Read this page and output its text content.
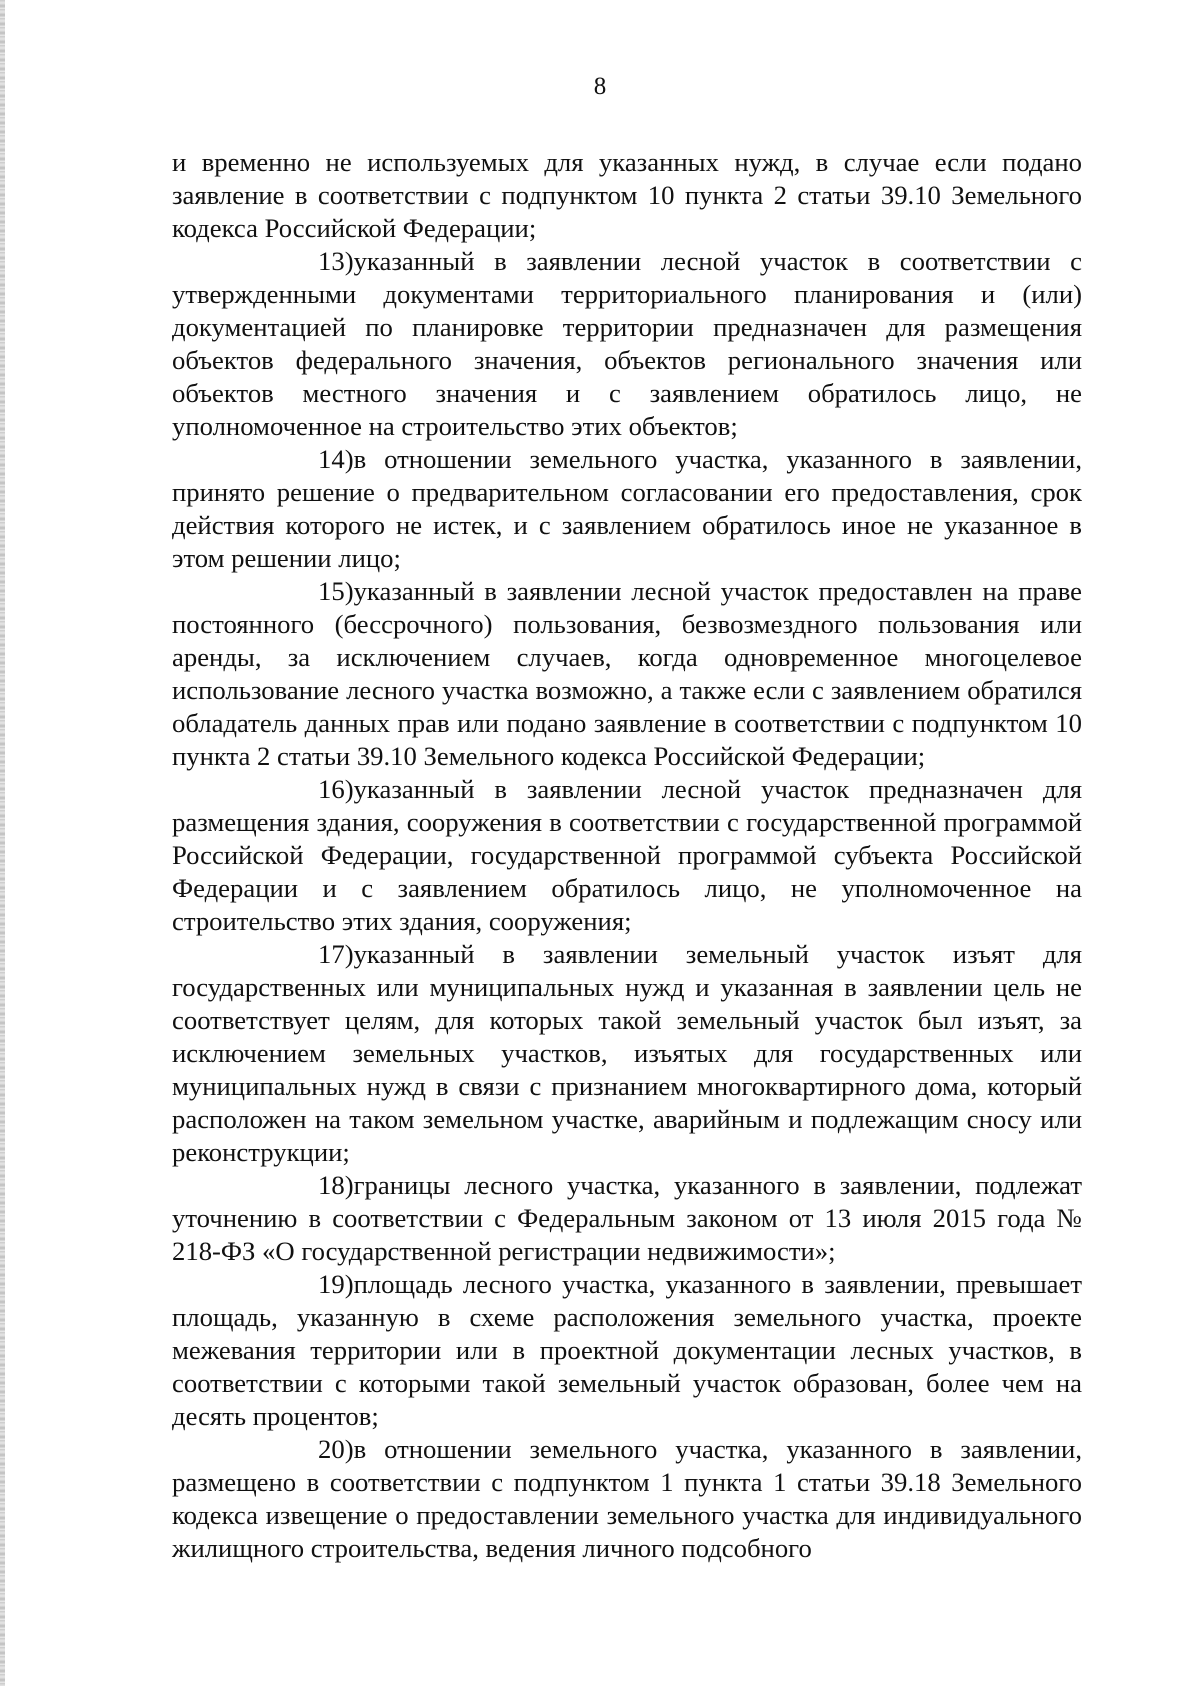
8

и временно не используемых для указанных нужд, в случае если подано заявление в соответствии с подпунктом 10 пункта 2 статьи 39.10 Земельного кодекса Российской Федерации;

13)указанный в заявлении лесной участок в соответствии с утвержденными документами территориального планирования и (или) документацией по планировке территории предназначен для размещения объектов федерального значения, объектов регионального значения или объектов местного значения и с заявлением обратилось лицо, не уполномоченное на строительство этих объектов;

14)в отношении земельного участка, указанного в заявлении, принято решение о предварительном согласовании его предоставления, срок действия которого не истек, и с заявлением обратилось иное не указанное в этом решении лицо;

15)указанный в заявлении лесной участок предоставлен на праве постоянного (бессрочного) пользования, безвозмездного пользования или аренды, за исключением случаев, когда одновременное многоцелевое использование лесного участка возможно, а также если с заявлением обратился обладатель данных прав или подано заявление в соответствии с подпунктом 10 пункта 2 статьи 39.10 Земельного кодекса Российской Федерации;

16)указанный в заявлении лесной участок предназначен для размещения здания, сооружения в соответствии с государственной программой Российской Федерации, государственной программой субъекта Российской Федерации и с заявлением обратилось лицо, не уполномоченное на строительство этих здания, сооружения;

17)указанный в заявлении земельный участок изъят для государственных или муниципальных нужд и указанная в заявлении цель не соответствует целям, для которых такой земельный участок был изъят, за исключением земельных участков, изъятых для государственных или муниципальных нужд в связи с признанием многоквартирного дома, который расположен на таком земельном участке, аварийным и подлежащим сносу или реконструкции;

18)границы лесного участка, указанного в заявлении, подлежат уточнению в соответствии с Федеральным законом от 13 июля 2015 года № 218-ФЗ «О государственной регистрации недвижимости»;

19)площадь лесного участка, указанного в заявлении, превышает площадь, указанную в схеме расположения земельного участка, проекте межевания территории или в проектной документации лесных участков, в соответствии с которыми такой земельный участок образован, более чем на десять процентов;

20)в отношении земельного участка, указанного в заявлении, размещено в соответствии с подпунктом 1 пункта 1 статьи 39.18 Земельного кодекса извещение о предоставлении земельного участка для индивидуального жилищного строительства, ведения личного подсобного
